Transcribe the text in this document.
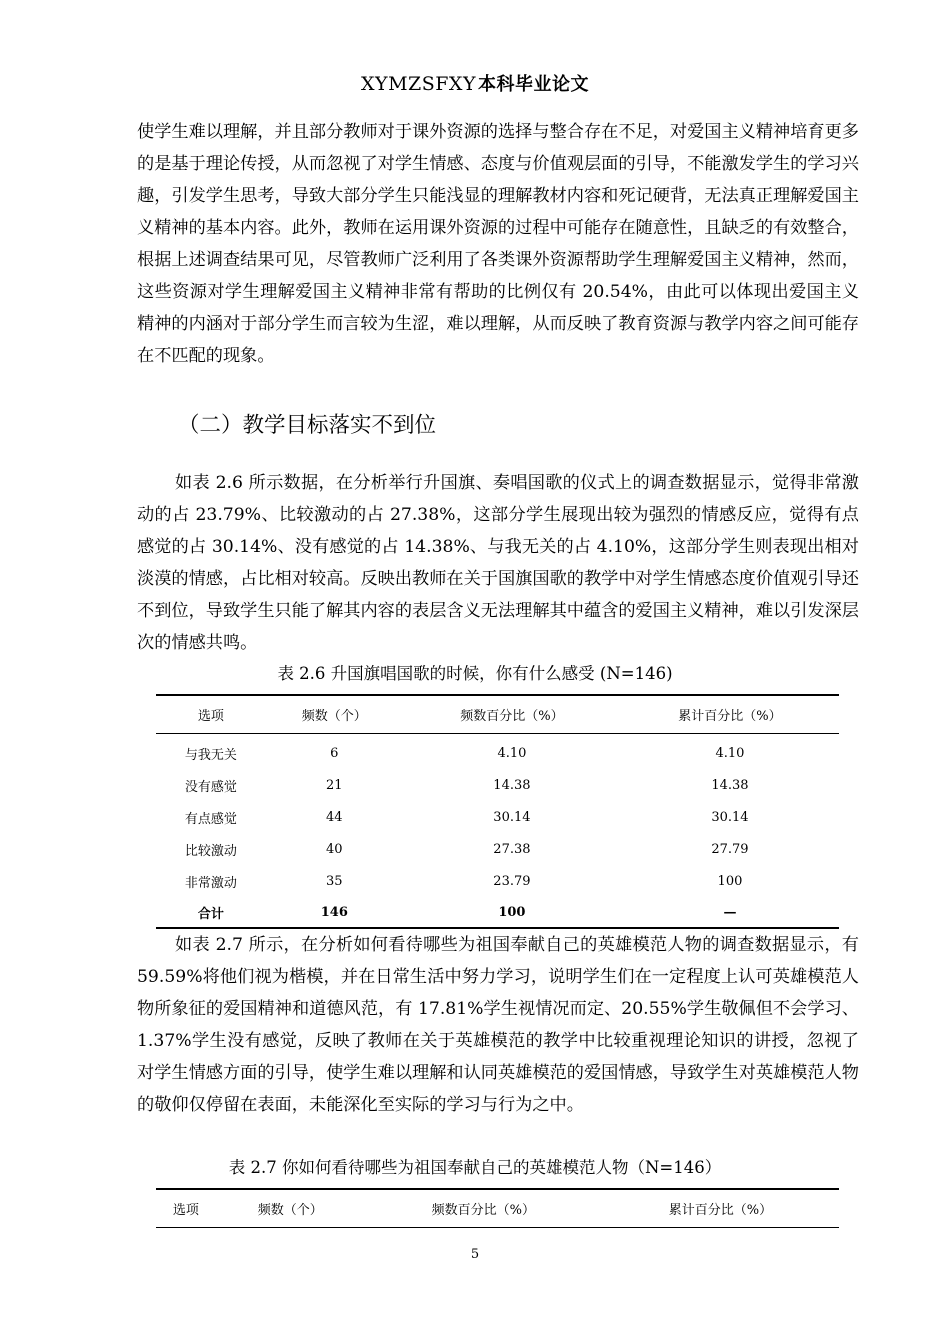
XYMZSFXY 本科毕业论文

使学生难以理解，并且部分教师对于课外资源的选择与整合存在不足，对爱国主义精神培育更多的是基于理论传授，从而忽视了对学生情感、态度与价值观层面的引导，不能激发学生的学习兴趣，引发学生思考，导致大部分学生只能浅显的理解教材内容和死记硬背，无法真正理解爱国主义精神的基本内容。此外，教师在运用课外资源的过程中可能存在随意性，且缺乏的有效整合，根据上述调查结果可见，尽管教师广泛利用了各类课外资源帮助学生理解爱国主义精神，然而，这些资源对学生理解爱国主义精神非常有帮助的比例仅有 20.54%，由此可以体现出爱国主义精神的内涵对于部分学生而言较为生涩，难以理解，从而反映了教育资源与教学内容之间可能存在不匹配的现象。

（二）教学目标落实不到位

如表 2.6 所示数据，在分析举行升国旗、奏唱国歌的仪式上的调查数据显示，觉得非常激动的占 23.79%、比较激动的占 27.38%，这部分学生展现出较为强烈的情感反应，觉得有点感觉的占 30.14%、没有感觉的占 14.38%、与我无关的占 4.10%，这部分学生则表现出相对淡漠的情感，占比相对较高。反映出教师在关于国旗国歌的教学中对学生情感态度价值观引导还不到位，导致学生只能了解其内容的表层含义无法理解其中蕴含的爱国主义精神，难以引发深层次的情感共鸣。

表 2.6 升国旗唱国歌的时候，你有什么感受 (N=146)
选项	频数（个）	频数百分比（%）	累计百分比（%）
与我无关	6	4.10	4.10
没有感觉	21	14.38	14.38
有点感觉	44	30.14	30.14
比较激动	40	27.38	27.79
非常激动	35	23.79	100
合计	146	100	—

如表 2.7 所示，在分析如何看待哪些为祖国奉献自己的英雄模范人物的调查数据显示，有 59.59%将他们视为楷模，并在日常生活中努力学习，说明学生们在一定程度上认可英雄模范人物所象征的爱国精神和道德风范，有 17.81%学生视情况而定、20.55%学生敬佩但不会学习、1.37%学生没有感觉，反映了教师在关于英雄模范的教学中比较重视理论知识的讲授，忽视了对学生情感方面的引导，使学生难以理解和认同英雄模范的爱国情感，导致学生对英雄模范人物的敬仰仅停留在表面，未能深化至实际的学习与行为之中。

表 2.7 你如何看待哪些为祖国奉献自己的英雄模范人物（N=146）
选项	频数（个）	频数百分比（%）	累计百分比（%）
5
